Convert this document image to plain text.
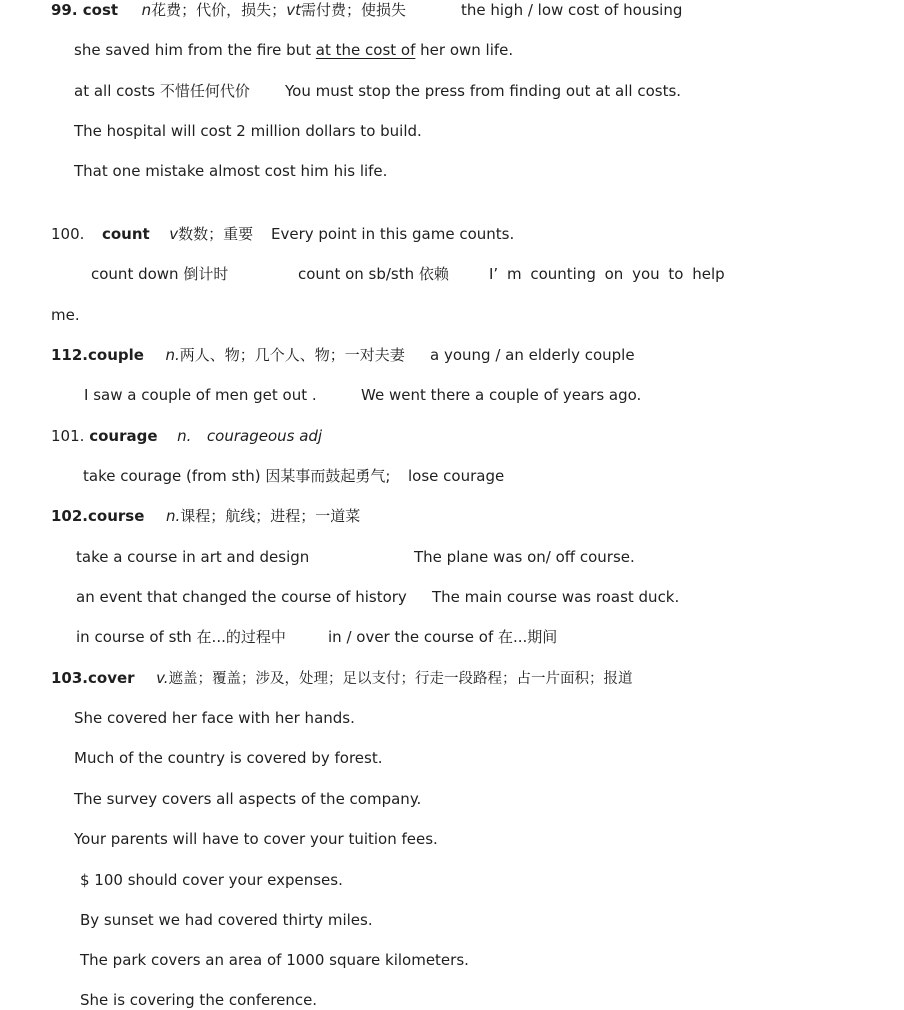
99. cost n花费；代价，损失；vt需付费；使损失	the high / low cost of housing
she saved him from the fire but at the cost of her own life.
at all costs 不惜任何代价 You must stop the press from finding out at all costs.
The hospital will cost 2 million dollars to build.
That one mistake almost cost him his life.
100. count v数数；重要 Every point in this game counts.
count down 倒计时	count on sb/sth 依赖	I’ m counting on you to help
me.
112.couple n.两人、物；几个人、物；一对夫妻 a young / an elderly couple
I saw a couple of men get out .	We went there a couple of years ago.
101. courage n. courageous adj
take courage (from sth) 因某事而鼓起勇气; lose courage
102.course n.课程；航线；进程；一道菜
take a course in art and design	The plane was on/ off course.
an event that changed the course of history The main course was roast duck.
in course of sth 在...的过程中	in / over the course of 在...期间
103.cover v.遮盖；覆盖；涉及，处理；足以支付；行走一段路程；占一片面积；报道
She covered her face with her hands.
Much of the country is covered by forest.
The survey covers all aspects of the company.
Your parents will have to cover your tuition fees.
$ 100 should cover your expenses.
By sunset we had covered thirty miles.
The park covers an area of 1000 square kilometers.
She is covering the conference.
